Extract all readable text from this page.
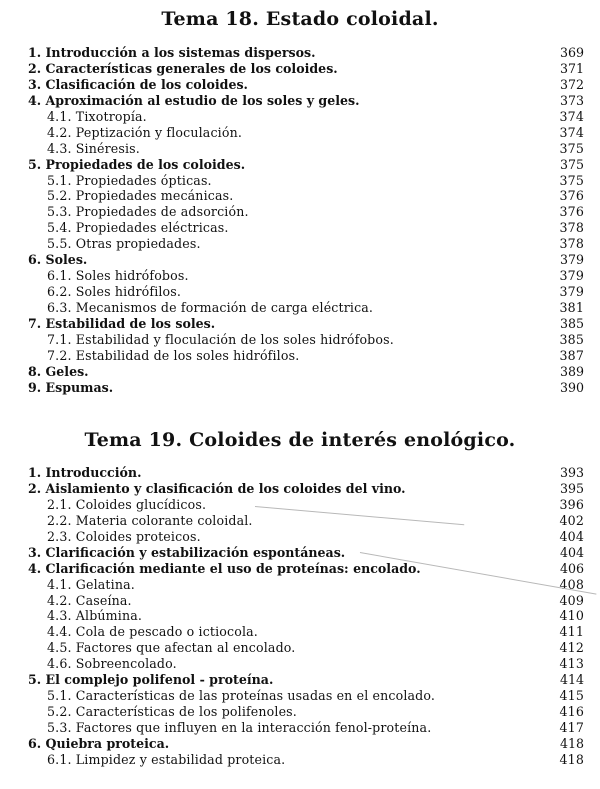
Tema 18. Estado coloidal.
1. Introducción a los sistemas dispersos.	369
2. Características generales de los coloides.	371
3. Clasificación de los coloides.	372
4. Aproximación al estudio de los soles y geles.	373
4.1. Tixotropía.	374
4.2. Peptización y floculación.	374
4.3. Sinéresis.	375
5. Propiedades de los coloides.	375
5.1. Propiedades ópticas.	375
5.2. Propiedades mecánicas.	376
5.3. Propiedades de adsorción.	376
5.4. Propiedades eléctricas.	378
5.5. Otras propiedades.	378
6. Soles.	379
6.1. Soles hidrófobos.	379
6.2. Soles hidrófilos.	379
6.3. Mecanismos de formación de carga eléctrica.	381
7. Estabilidad de los soles.	385
7.1. Estabilidad y floculación de los soles hidrófobos.	385
7.2. Estabilidad de los soles hidrófilos.	387
8. Geles.	389
9. Espumas.	390
Tema 19. Coloides de interés enológico.
1. Introducción.	393
2. Aislamiento y clasificación de los coloides del vino.	395
2.1. Coloides glucídicos.	396
2.2. Materia colorante coloidal.	402
2.3. Coloides proteicos.	404
3. Clarificación y estabilización espontáneas.	404
4. Clarificación mediante el uso de proteínas: encolado.	406
4.1. Gelatina.	408
4.2. Caseína.	409
4.3. Albúmina.	410
4.4. Cola de pescado o ictiocola.	411
4.5. Factores que afectan al encolado.	412
4.6. Sobreencolado.	413
5. El complejo polifenol - proteína.	414
5.1. Características de las proteínas usadas en el encolado.	415
5.2. Características de los polifenoles.	416
5.3. Factores que influyen en la interacción fenol-proteína.	417
6. Quiebra proteica.	418
6.1. Limpidez y estabilidad proteica.	418
